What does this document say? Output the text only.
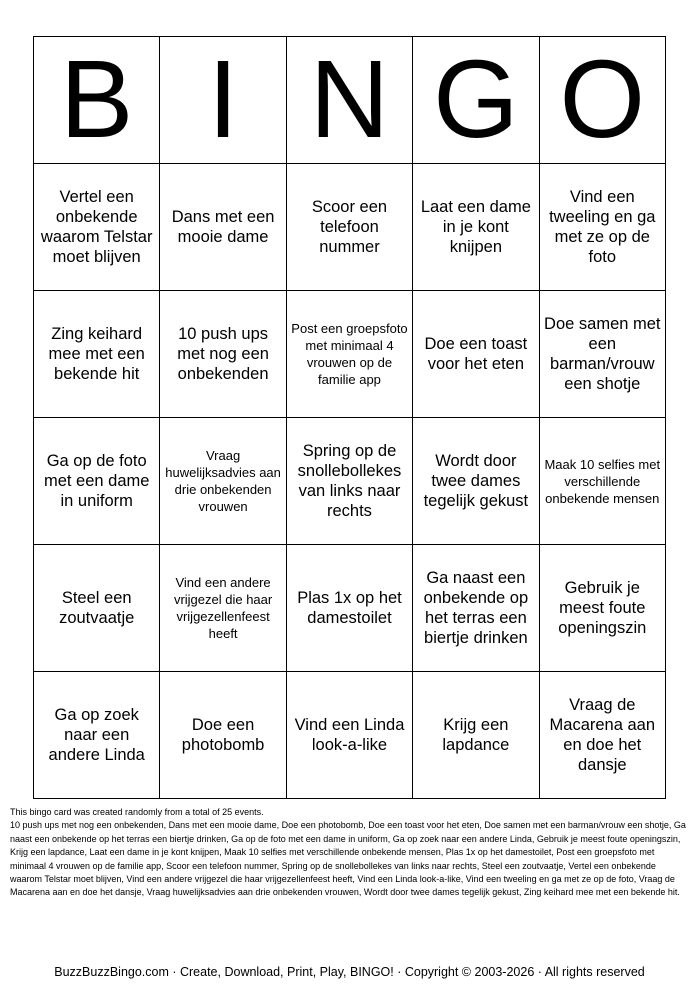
B	I	N	G	O
Vertel een onbekende waarom Telstar moet blijven	Dans met een mooie dame	Scoor een telefoon nummer	Laat een dame in je kont knijpen	Vind een tweeling en ga met ze op de foto
Zing keihard mee met een bekende hit	10 push ups met nog een onbekenden	Post een groepsfoto met minimaal 4 vrouwen op de familie app	Doe een toast voor het eten	Doe samen met een barman/vrouw een shotje
Ga op de foto met een dame in uniform	Vraag huwelijksadvies aan drie onbekenden vrouwen	Spring op de snollebollekes van links naar rechts	Wordt door twee dames tegelijk gekust	Maak 10 selfies met verschillende onbekende mensen
Steel een zoutvaatje	Vind een andere vrijgezel die haar vrijgezellenfeest heeft	Plas 1x op het damestoilet	Ga naast een onbekende op het terras een biertje drinken	Gebruik je meest foute openingszin
Ga op zoek naar een andere Linda	Doe een photobomb	Vind een Linda look-a-like	Krijg een lapdance	Vraag de Macarena aan en doe het dansje

This bingo card was created randomly from a total of 25 events.

10 push ups met nog een onbekenden, Dans met een mooie dame, Doe een photobomb, Doe een toast voor het eten, Doe samen met een barman/vrouw een shotje, Ga naast een onbekende op het terras een biertje drinken, Ga op de foto met een dame in uniform, Ga op zoek naar een andere Linda, Gebruik je meest foute openingszin, Krijg een lapdance, Laat een dame in je kont knijpen, Maak 10 selfies met verschillende onbekende mensen, Plas 1x op het damestoilet, Post een groepsfoto met minimaal 4 vrouwen op de familie app, Scoor een telefoon nummer, Spring op de snollebollekes van links naar rechts, Steel een zoutvaatje, Vertel een onbekende waarom Telstar moet blijven, Vind een andere vrijgezel die haar vrijgezellenfeest heeft, Vind een Linda look-a-like, Vind een tweeling en ga met ze op de foto, Vraag de Macarena aan en doe het dansje, Vraag huwelijksadvies aan drie onbekenden vrouwen, Wordt door twee dames tegelijk gekust, Zing keihard mee met een bekende hit.

BuzzBuzzBingo.com · Create, Download, Print, Play, BINGO! · Copyright © 2003-2026 · All rights reserved
